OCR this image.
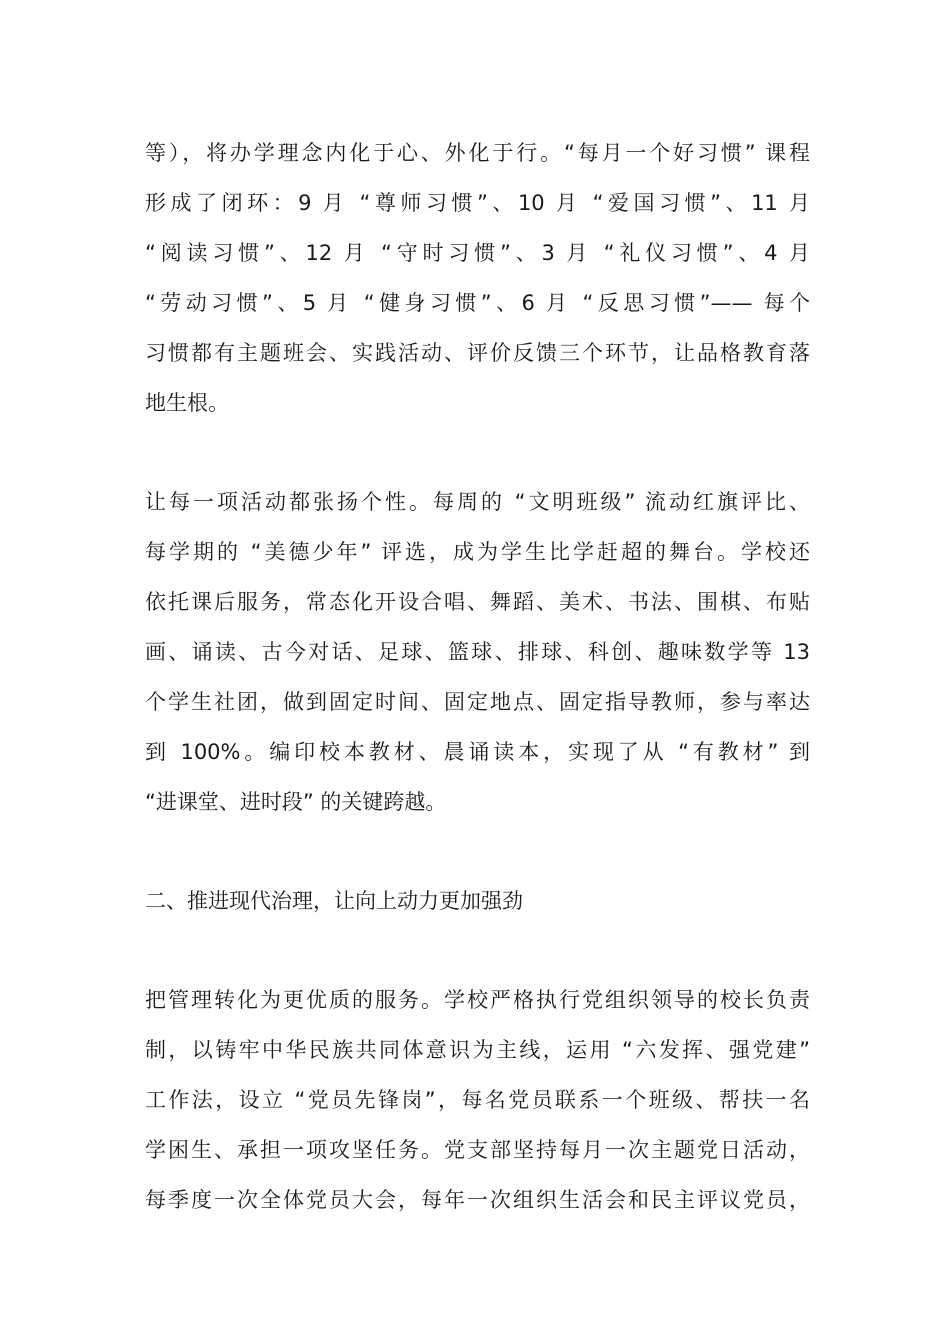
等），将办学理念内化于心、外化于行。“每月一个好习惯” 课程
形成了闭环：9 月 “尊师习惯”、10 月 “爱国习惯”、11 月
“阅读习惯”、12 月 “守时习惯”、3 月 “礼仪习惯”、4 月
“劳动习惯”、5 月 “健身习惯”、6 月 “反思习惯”—— 每个
习惯都有主题班会、实践活动、评价反馈三个环节，让品格教育落
地生根。
让每一项活动都张扬个性。每周的 “文明班级” 流动红旗评比、
每学期的 “美德少年” 评选，成为学生比学赶超的舞台。学校还
依托课后服务，常态化开设合唱、舞蹈、美术、书法、围棋、布贴
画、诵读、古今对话、足球、篮球、排球、科创、趣味数学等 13
个学生社团，做到固定时间、固定地点、固定指导教师，参与率达
到 100%。编印校本教材、晨诵读本，实现了从 “有教材” 到
“进课堂、进时段” 的关键跨越。
二、推进现代治理，让向上动力更加强劲
把管理转化为更优质的服务。学校严格执行党组织领导的校长负责
制，以铸牢中华民族共同体意识为主线，运用 “六发挥、强党建”
工作法，设立 “党员先锋岗”，每名党员联系一个班级、帮扶一名
学困生、承担一项攻坚任务。党支部坚持每月一次主题党日活动，
每季度一次全体党员大会，每年一次组织生活会和民主评议党员，
